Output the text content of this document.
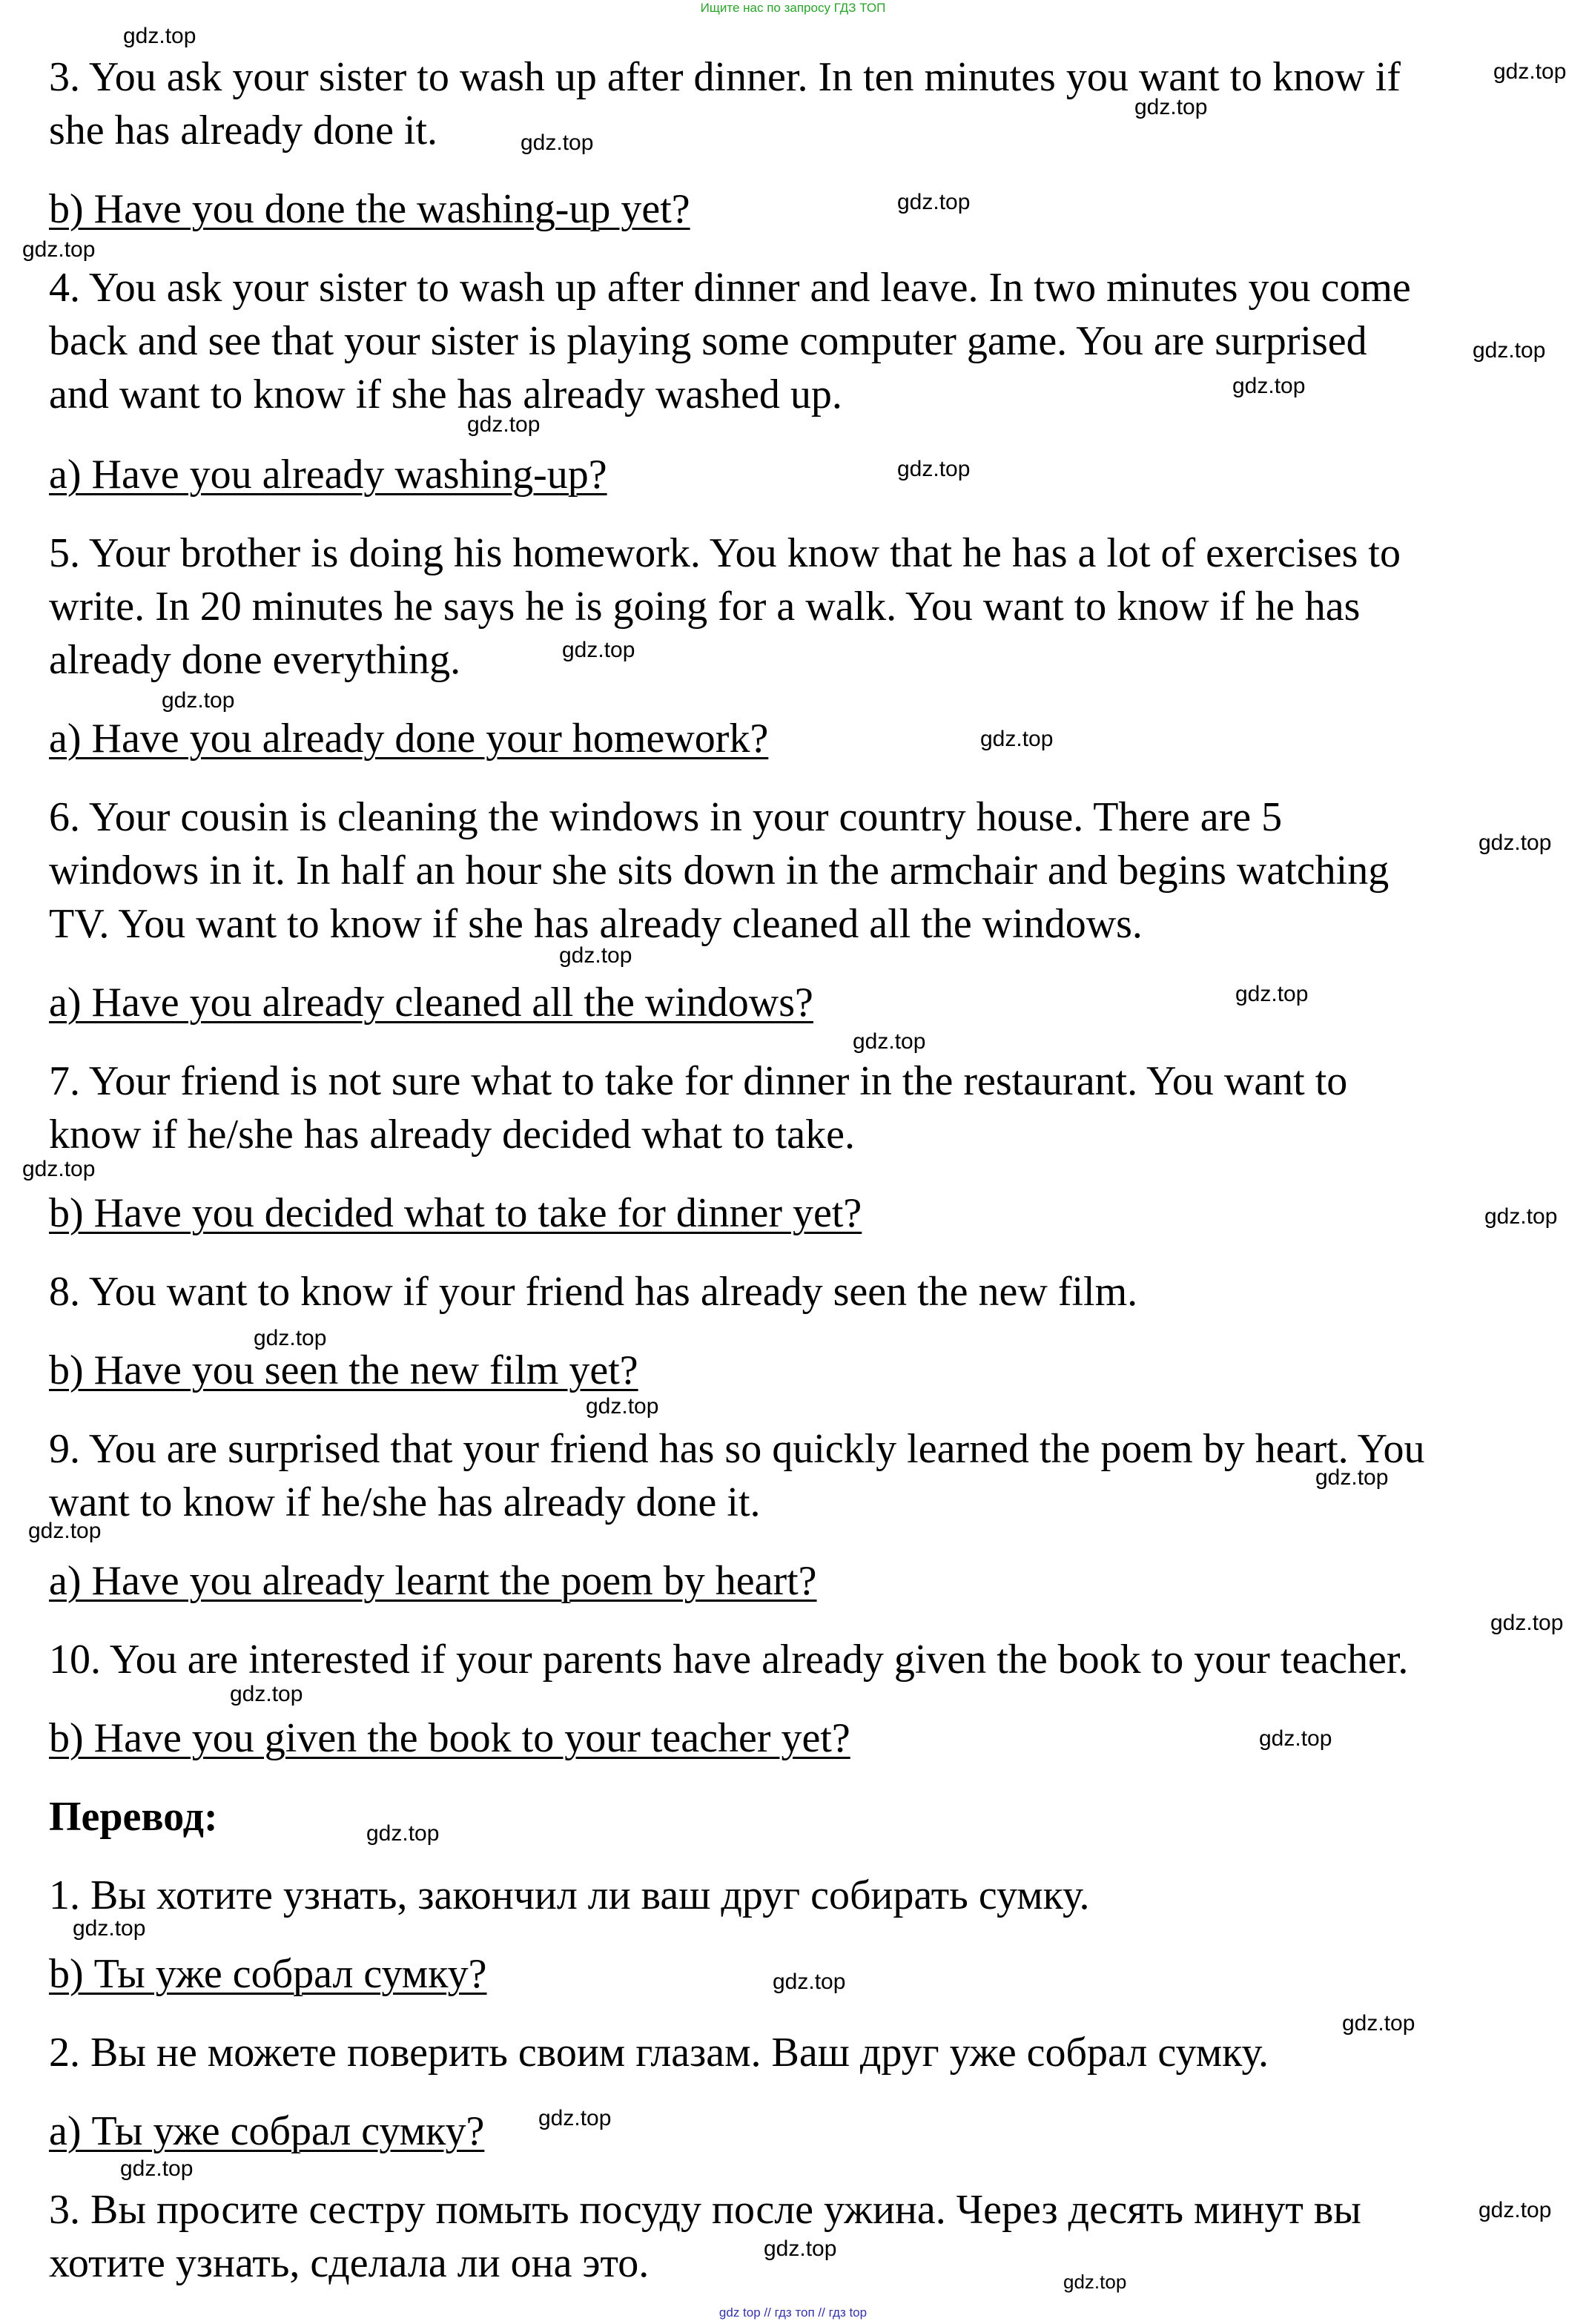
Ищите нас по запросу ГДЗ ТОП
3. You ask your sister to wash up after dinner. In ten minutes you want to know if
she has already done it.
b) Have you done the washing-up yet?
4. You ask your sister to wash up after dinner and leave. In two minutes you come
back and see that your sister is playing some computer game. You are surprised
and want to know if she has already washed up.
a) Have you already washing-up?
5. Your brother is doing his homework. You know that he has a lot of exercises to
write. In 20 minutes he says he is going for a walk. You want to know if he has
already done everything.
a) Have you already done your homework?
6. Your cousin is cleaning the windows in your country house. There are 5
windows in it. In half an hour she sits down in the armchair and begins watching
TV. You want to know if she has already cleaned all the windows.
a) Have you already cleaned all the windows?
7. Your friend is not sure what to take for dinner in the restaurant. You want to
know if he/she has already decided what to take.
b) Have you decided what to take for dinner yet?
8. You want to know if your friend has already seen the new film.
b) Have you seen the new film yet?
9. You are surprised that your friend has so quickly learned the poem by heart. You
want to know if he/she has already done it.
a) Have you already learnt the poem by heart?
10. You are interested if your parents have already given the book to your teacher.
b) Have you given the book to your teacher yet?
Перевод:
1. Вы хотите узнать, закончил ли ваш друг собирать сумку.
b) Ты уже собрал сумку?
2. Вы не можете поверить своим глазам. Ваш друг уже собрал сумку.
a) Ты уже собрал сумку?
3. Вы просите сестру помыть посуду после ужина. Через десять минут вы
хотите узнать, сделала ли она это.
gdz.top
gdz.top
gdz.top
gdz.top
gdz.top
gdz.top
gdz.top
gdz.top
gdz.top
gdz.top
gdz.top
gdz.top
gdz.top
gdz.top
gdz.top
gdz.top
gdz.top
gdz.top
gdz.top
gdz.top
gdz.top
gdz.top
gdz.top
gdz.top
gdz.top
gdz.top
gdz.top
gdz.top
gdz.top
gdz.top
gdz.top
gdz.top
gdz.top
gdz.top
gdz.top
gdz top // гдз топ // гдз top
